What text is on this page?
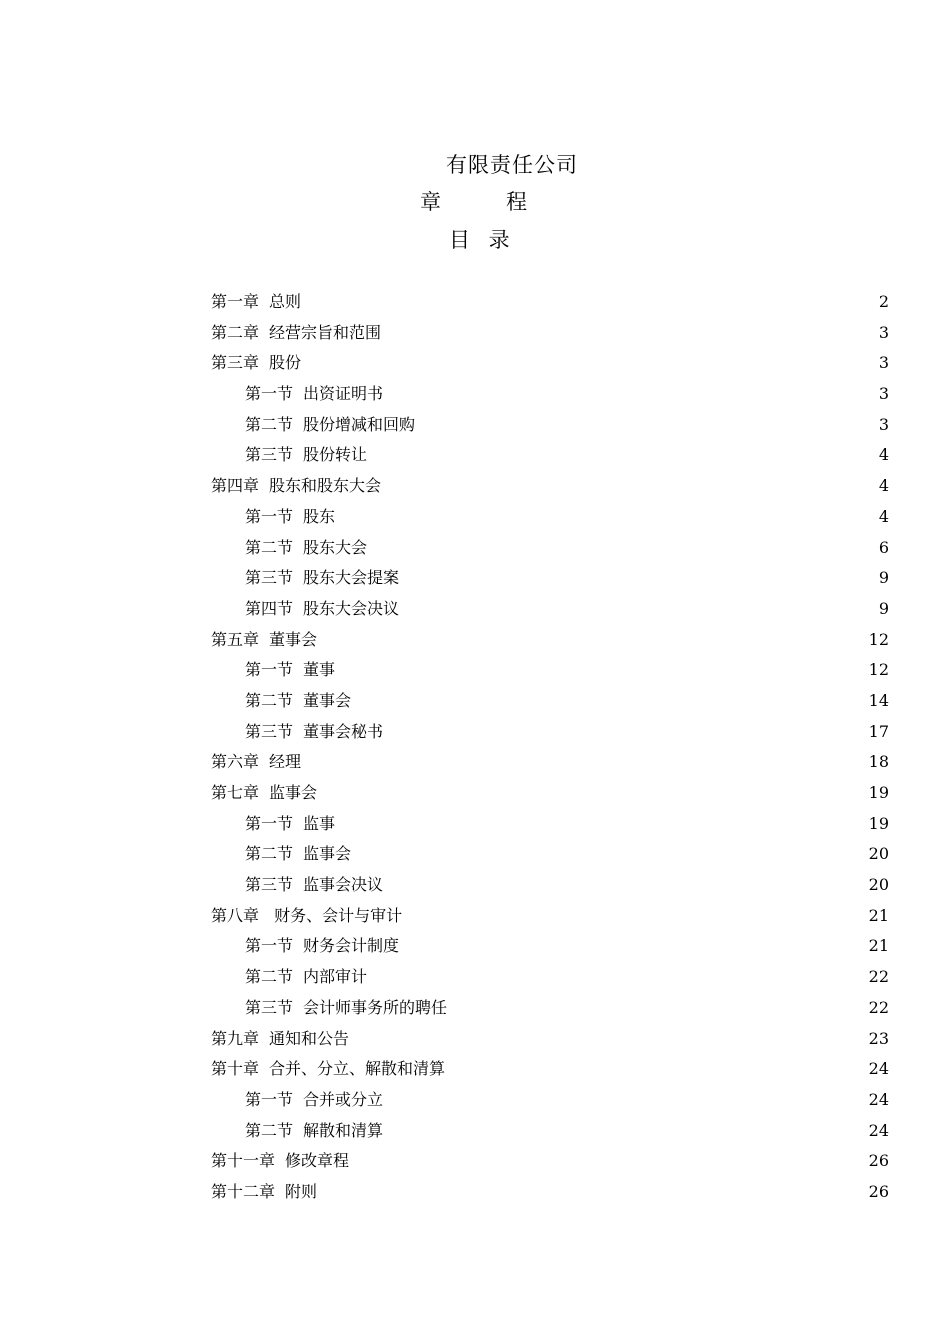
有限责任公司
章	程
目 录
第一章 总则	2
第二章 经营宗旨和范围	3
第三章 股份	3
第一节 出资证明书	3
第二节 股份增减和回购	3
第三节 股份转让	4
第四章 股东和股东大会	4
第一节 股东	4
第二节 股东大会	6
第三节 股东大会提案	9
第四节 股东大会决议	9
第五章 董事会	12
第一节 董事	12
第二节 董事会	14
第三节 董事会秘书	17
第六章 经理	18
第七章 监事会	19
第一节 监事	19
第二节 监事会	20
第三节 监事会决议	20
第八章 财务、会计与审计	21
第一节 财务会计制度	21
第二节 内部审计	22
第三节 会计师事务所的聘任	22
第九章 通知和公告	23
第十章 合并、分立、解散和清算	24
第一节 合并或分立	24
第二节 解散和清算	24
第十一章 修改章程	26
第十二章 附则	26
